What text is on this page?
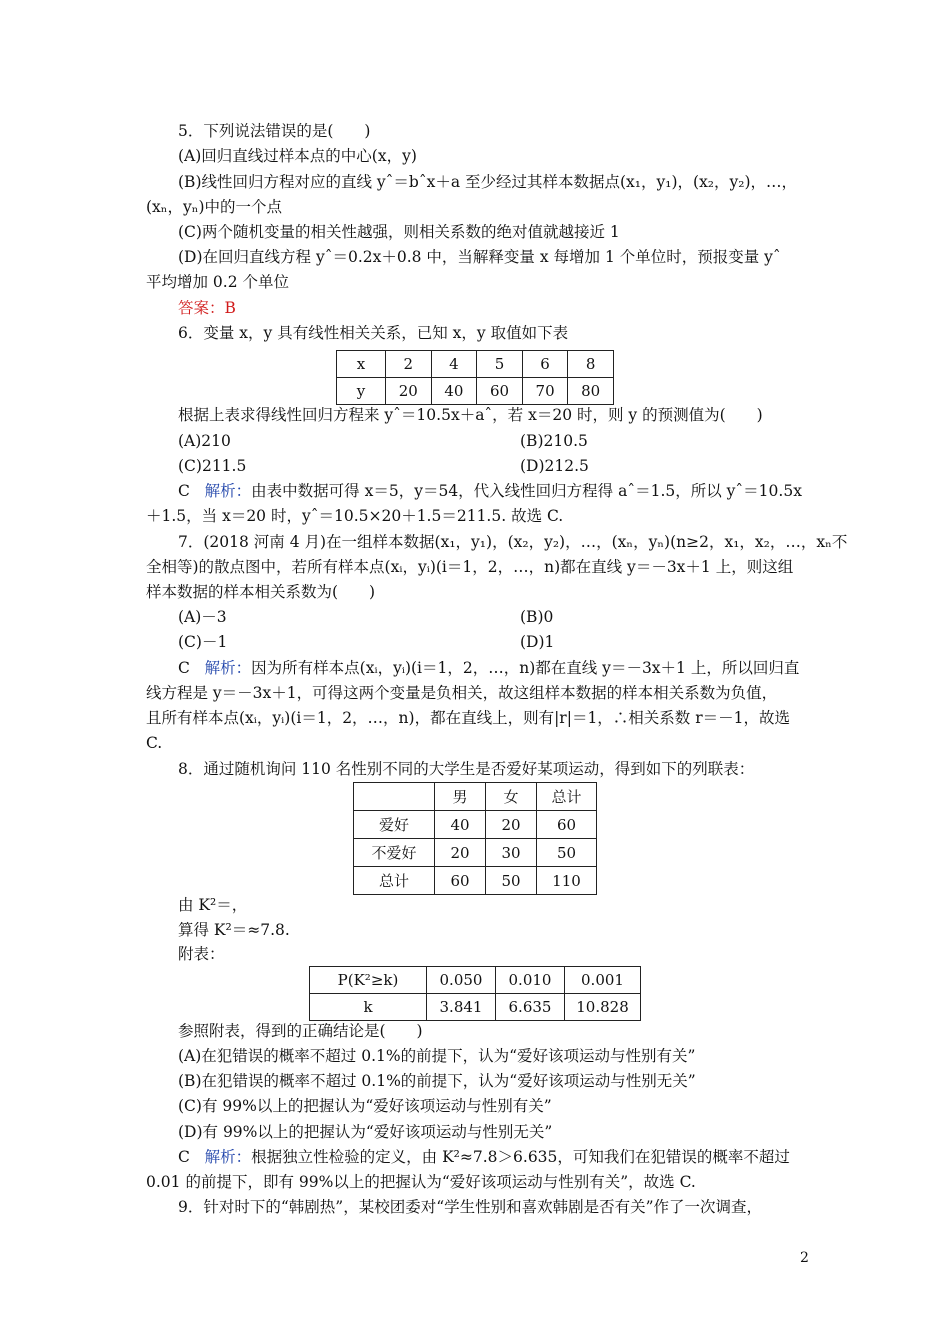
5．下列说法错误的是(　　)
(A)回归直线过样本点的中心(x，y)
(B)线性回归方程对应的直线 yˆ＝bˆx＋a 至少经过其样本数据点(x₁，y₁)，(x₂，y₂)，…，
(xₙ，yₙ)中的一个点
(C)两个随机变量的相关性越强，则相关系数的绝对值就越接近 1
(D)在回归直线方程 yˆ＝0.2x＋0.8 中，当解释变量 x 每增加 1 个单位时，预报变量 yˆ
平均增加 0.2 个单位
答案：B
6．变量 x，y 具有线性相关关系，已知 x，y 取值如下表
x	2	4	5	6	8
y	20	40	60	70	80
根据上表求得线性回归方程来 yˆ＝10.5x＋aˆ，若 x＝20 时，则 y 的预测值为(　　)
(A)210	(B)210.5
(C)211.5	(D)212.5
C 解析：由表中数据可得 x＝5，y＝54，代入线性回归方程得 aˆ＝1.5，所以 yˆ＝10.5x
＋1.5，当 x＝20 时，yˆ＝10.5×20＋1.5＝211.5. 故选 C.
7．(2018 河南 4 月)在一组样本数据(x₁，y₁)，(x₂，y₂)，…，(xₙ，yₙ)(n≥2，x₁，x₂，…，xₙ不
全相等)的散点图中，若所有样本点(xᵢ，yᵢ)(i＝1，2，…，n)都在直线 y＝－3x＋1 上，则这组
样本数据的样本相关系数为(　　)
(A)－3	(B)0
(C)－1	(D)1
C 解析：因为所有样本点(xᵢ，yᵢ)(i＝1，2，…，n)都在直线 y＝－3x＋1 上，所以回归直
线方程是 y＝－3x＋1，可得这两个变量是负相关，故这组样本数据的样本相关系数为负值，
且所有样本点(xᵢ，yᵢ)(i＝1，2，…，n)，都在直线上，则有|r|＝1，∴相关系数 r＝－1，故选
C.
8．通过随机询问 110 名性别不同的大学生是否爱好某项运动，得到如下的列联表：
	男	女	总计
爱好	40	20	60
不爱好	20	30	50
总计	60	50	110
由 K²＝，
算得 K²＝≈7.8.
附表：
P(K²≥k)	0.050	0.010	0.001
k	3.841	6.635	10.828
参照附表，得到的正确结论是(　　)
(A)在犯错误的概率不超过 0.1%的前提下，认为“爱好该项运动与性别有关”
(B)在犯错误的概率不超过 0.1%的前提下，认为“爱好该项运动与性别无关”
(C)有 99%以上的把握认为“爱好该项运动与性别有关”
(D)有 99%以上的把握认为“爱好该项运动与性别无关”
C 解析：根据独立性检验的定义，由 K²≈7.8＞6.635，可知我们在犯错误的概率不超过
0.01 的前提下，即有 99%以上的把握认为“爱好该项运动与性别有关”，故选 C.
9．针对时下的“韩剧热”，某校团委对“学生性别和喜欢韩剧是否有关”作了一次调查，
2
